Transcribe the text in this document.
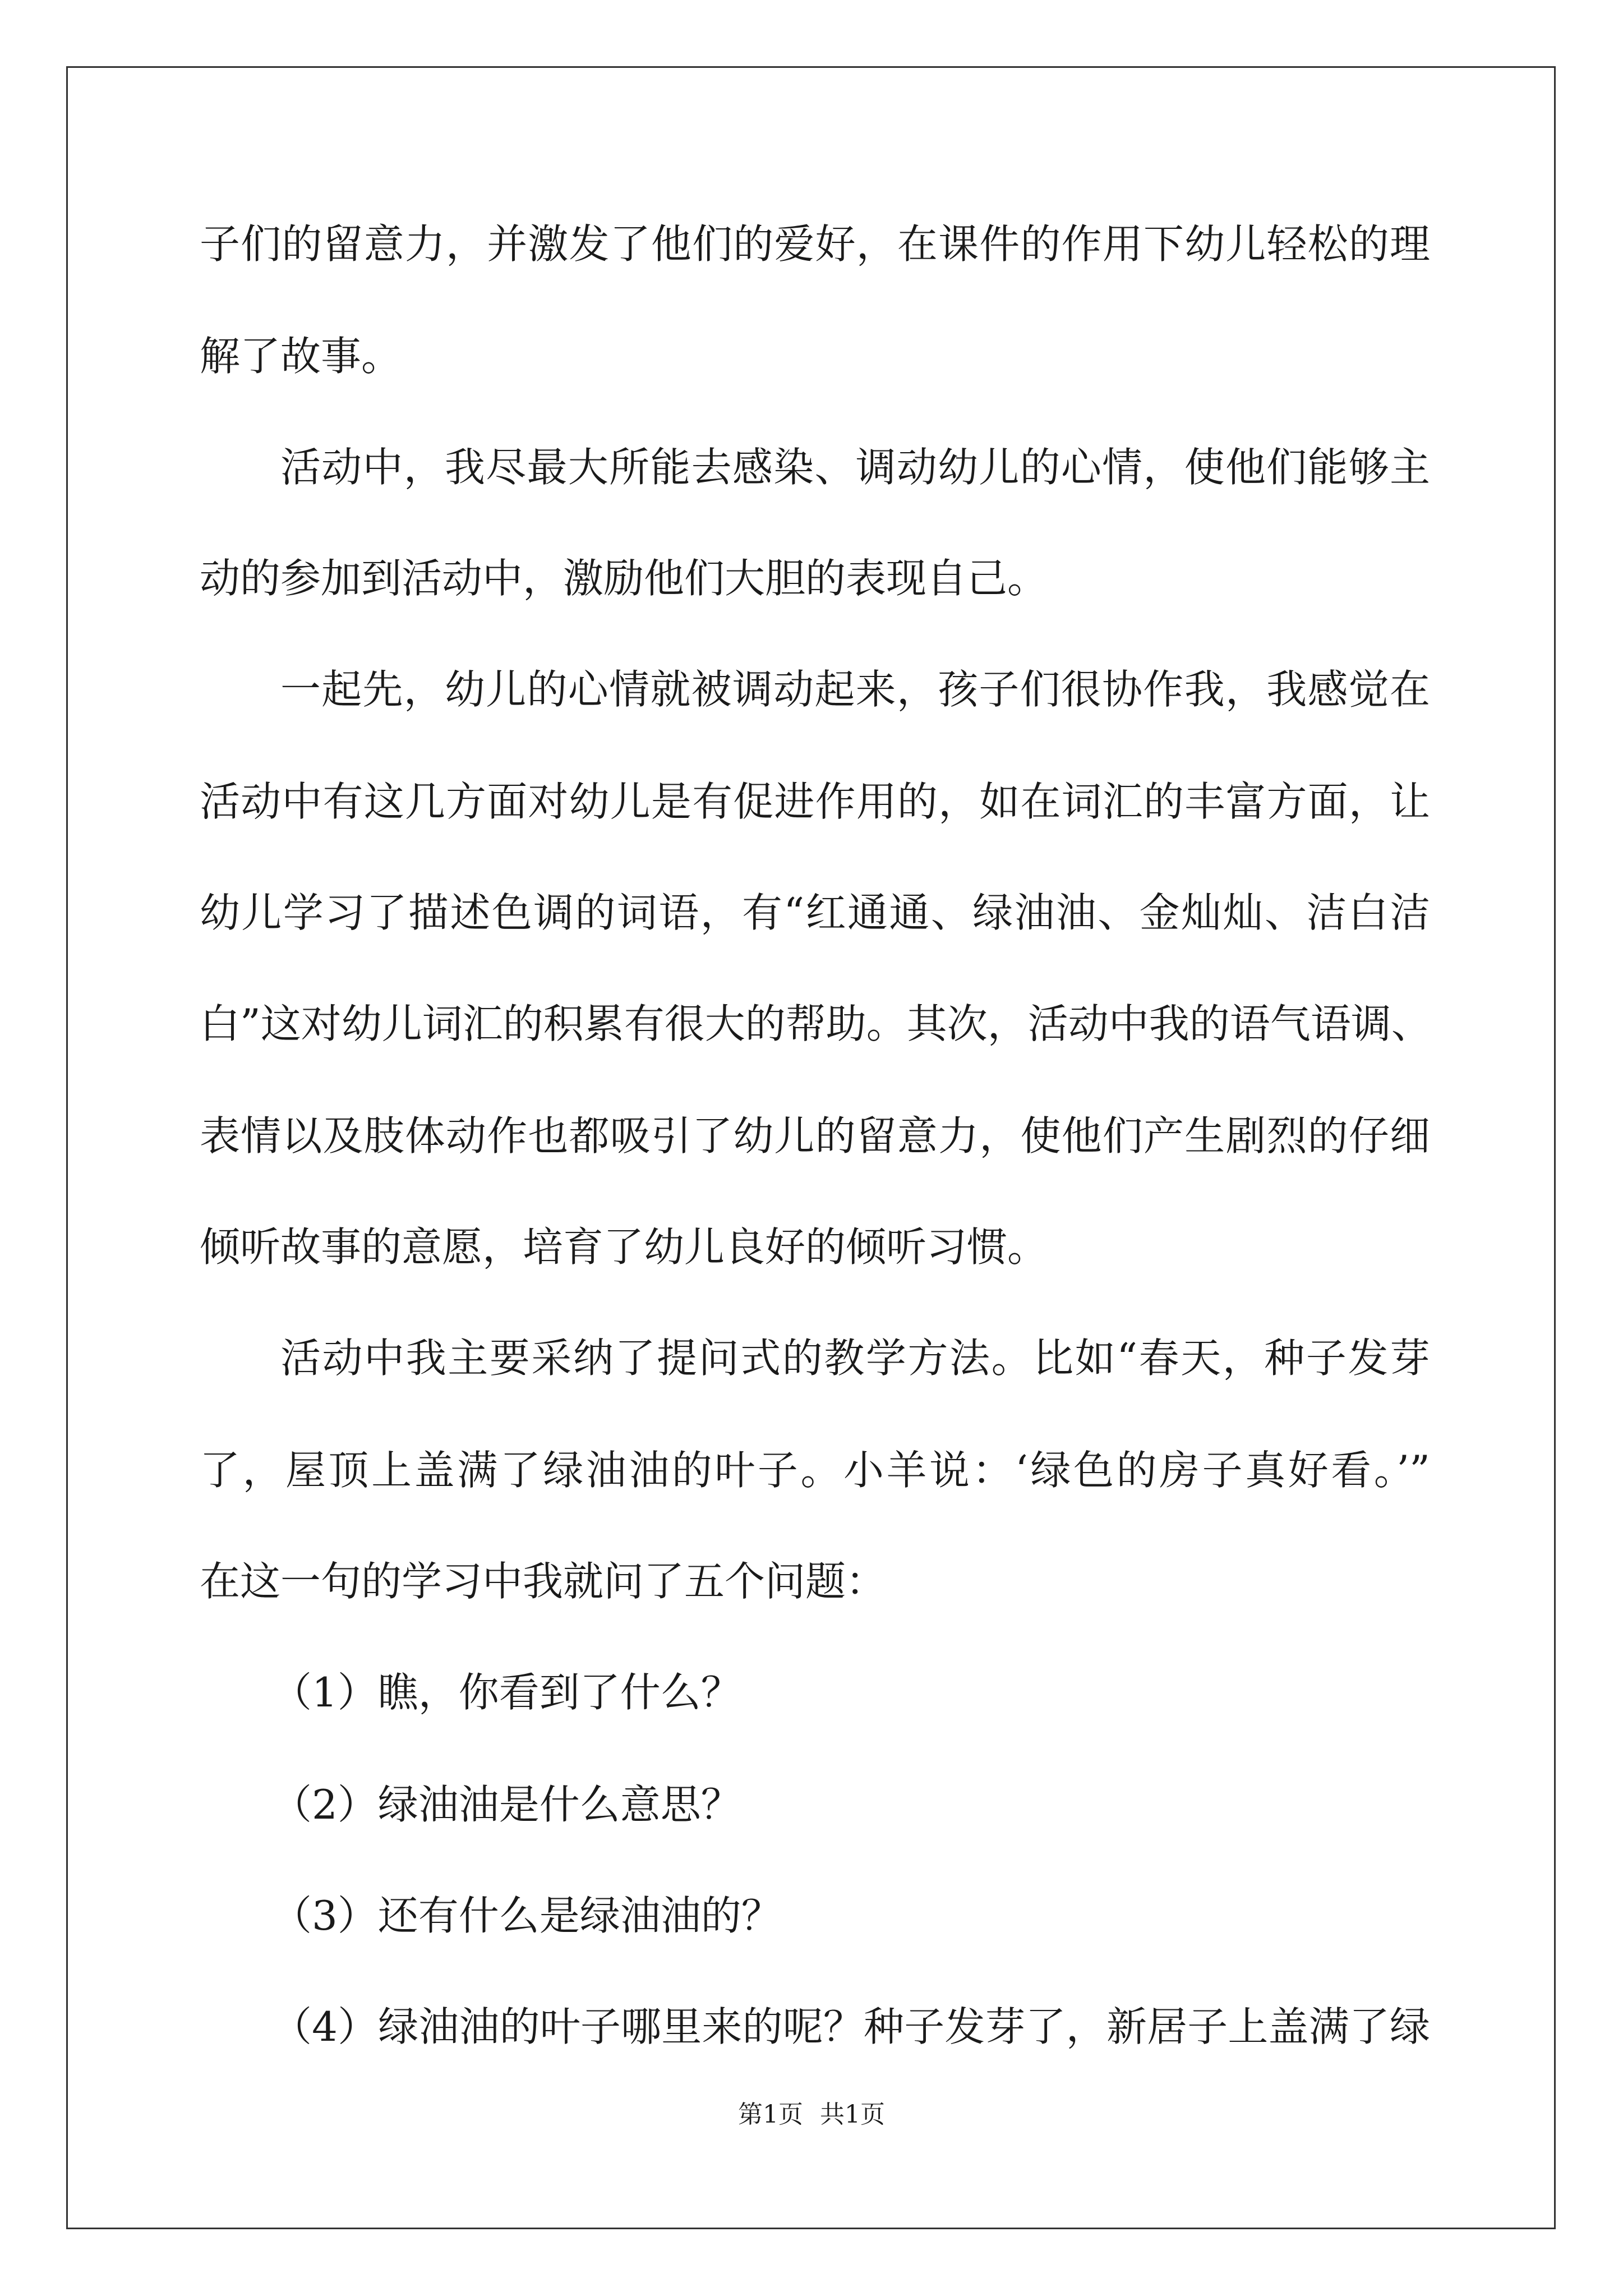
子们的留意力，并激发了他们的爱好，在课件的作用下幼儿轻松的理
解了故事。
活动中，我尽最大所能去感染、调动幼儿的心情，使他们能够主
动的参加到活动中，激励他们大胆的表现自己。
一起先，幼儿的心情就被调动起来，孩子们很协作我，我感觉在
活动中有这几方面对幼儿是有促进作用的，如在词汇的丰富方面，让
幼儿学习了描述色调的词语，有“红通通、绿油油、金灿灿、洁白洁
白”这对幼儿词汇的积累有很大的帮助。其次，活动中我的语气语调、
表情以及肢体动作也都吸引了幼儿的留意力，使他们产生剧烈的仔细
倾听故事的意愿，培育了幼儿良好的倾听习惯。
活动中我主要采纳了提问式的教学方法。比如“春天，种子发芽
了，屋顶上盖满了绿油油的叶子。小羊说：‘绿色的房子真好看。’”
在这一句的学习中我就问了五个问题：
（1）瞧，你看到了什么？
（2）绿油油是什么意思？
（3）还有什么是绿油油的？
（4）绿油油的叶子哪里来的呢？种子发芽了，新居子上盖满了绿
第1页 共1页
